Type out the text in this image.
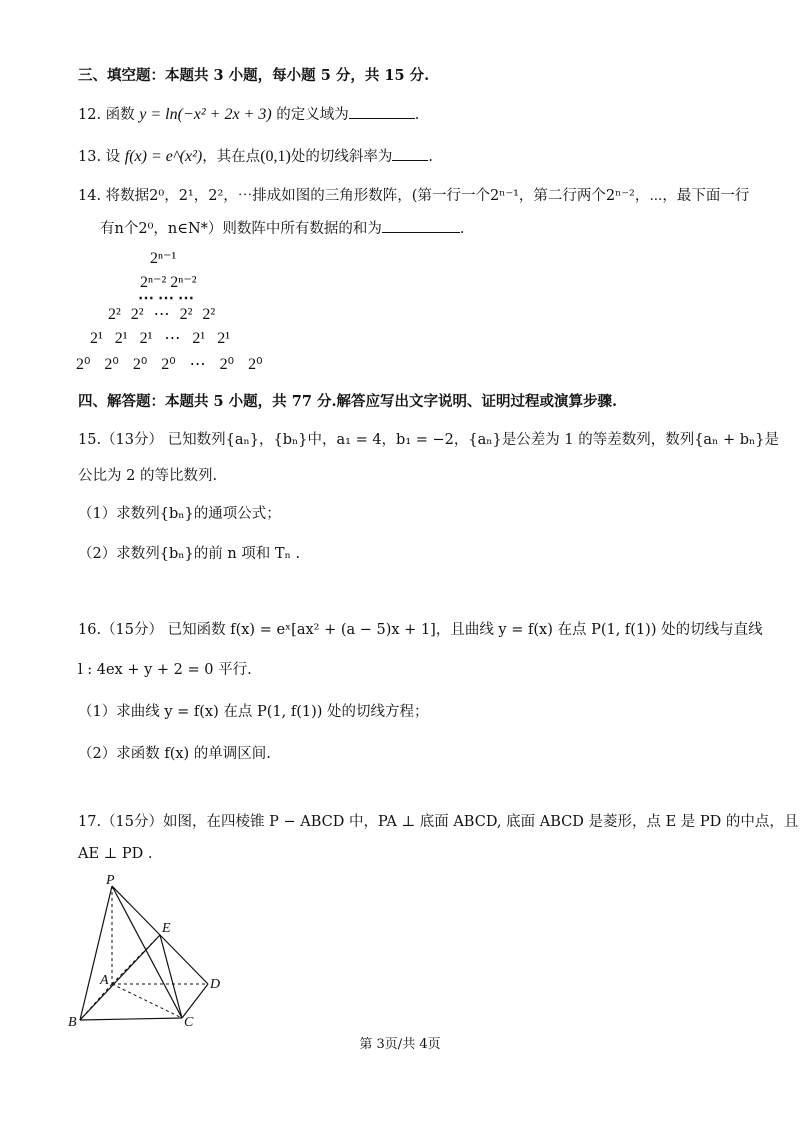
三、填空题：本题共 3 小题，每小题 5 分，共 15 分.
12. 函数 y = ln(−x² + 2x + 3) 的定义域为	.
13. 设 f(x) = e^(x²)，其在点(0,1)处的切线斜率为 .
14. 将数据2⁰，2¹，2²，⋯排成如图的三角形数阵，(第一行一个2ⁿ⁻¹，第二行两个2ⁿ⁻²，⋯，最下面一行
有n个2⁰，n∈N*）则数阵中所有数据的和为	.
2ⁿ⁻¹
2ⁿ⁻² 2ⁿ⁻²
⋯ ⋯ ⋯
2² 2² ⋯ 2² 2²
2¹ 2¹ 2¹ ⋯ 2¹ 2¹
2⁰ 2⁰ 2⁰ 2⁰ ⋯ 2⁰ 2⁰
四、解答题：本题共 5 小题，共 77 分.解答应写出文字说明、证明过程或演算步骤.
15.（13分） 已知数列{aₙ}，{bₙ}中，a₁ = 4，b₁ = −2，{aₙ}是公差为 1 的等差数列，数列{aₙ + bₙ}是
公比为 2 的等比数列.
（1）求数列{bₙ}的通项公式；
（2）求数列{bₙ}的前 n 项和 Tₙ .
16.（15分） 已知函数 f(x) = eˣ[ax² + (a − 5)x + 1]，且曲线 y = f(x) 在点 P(1, f(1)) 处的切线与直线
l : 4ex + y + 2 = 0 平行.
（1）求曲线 y = f(x) 在点 P(1, f(1)) 处的切线方程；
（2）求函数 f(x) 的单调区间.
17.（15分）如图，在四棱锥 P − ABCD 中，PA ⊥ 底面 ABCD, 底面 ABCD 是菱形，点 E 是 PD 的中点，且
AE ⊥ PD .
P
E
A	D
B	C
第 3页/共 4页
